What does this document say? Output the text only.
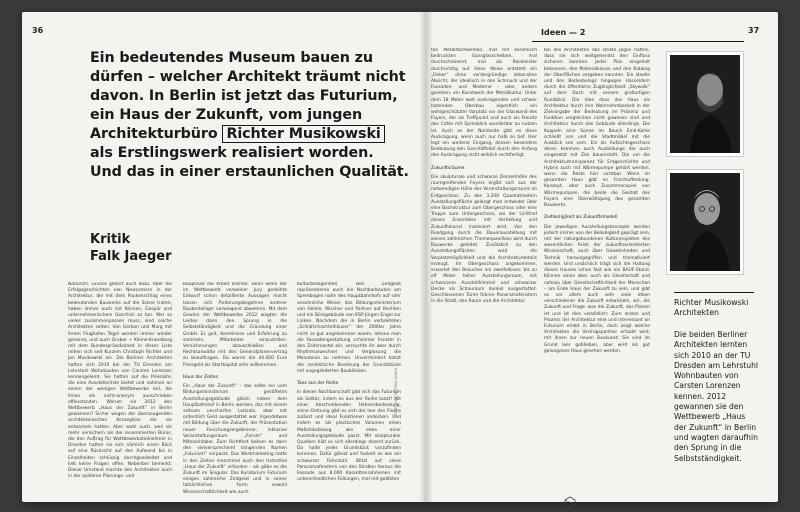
36
Ein bedeutendes Museum bauen zu dürfen – welcher Architekt träumt nicht davon. In Berlin ist jetzt das Futurium, ein Haus der Zukunft, vom jungen Architekturbüro Richter Musikowski als Erstlingswerk realisiert worden. Und das in einer erstaunlichen Qualität.
Kritik
Falk Jaeger

Natürlich. Grüsse gehört auch dazu. Aber die Erfolgsgeschichten von Newcomern in der Architektur, die mit dem Paukenschlag eines bedeutenden Bauwerks auf die Szene traten, haben immer auch mit Können, Gespür und unternehmerischem Geschick zu tun. Wer so vieles zusammenpassen muss, sind solche Architekten selten. Von Gerkan und Marg mit ihrem Flughafen Tegel werden immer wieder genannt, und auch Gruber + Kleine-Kraneburg mit dem Bundespräsidialamt in dieser Liste reihen sich seit Kurzem Christoph Richter und Jan Musikowski ein. Die Berliner Architekten hatten sich 2010 bei der TU Dresden am Lehrstuhl Wohnbauten von Carsten Lorenzen kennengelernt. Sie hatten auf die Preisliste, die eine Ausstellerliste bietet und nahmen an einem der wenigen Wettbewerbe teil, die ihnen als nicht-anonym ausschrieben offenstanden. Warum sie 2012 den Wettbewerb „Haus der Zukunft“ in Berlin gewannen? Sicher wegen der überzeugenden architektonischen Konzeption die sie entwickeln hatten. Aber wohl auch, weil sie mehr versichern als die renommierten Büros, die den Auftrag für Wettbewerbsteilnehmer in Dresden hatten sie sich nämlich einen Blick auf eine Rücksicht auf den Aufwand bis in Einzelheiten schlüssig durchgearbeitet und ließ keine Fragen offen. Nebenbei bemerkt: Dieser Umstand machte den Architekten auch in der späteren Planungs- und

Bauphase die Arbeit leichter. Denn wenn der im Wettbewerb vorweiner Jury gedeihte Entwurf schon detaillierte Aussagen macht lassen sich Änderungsbegehren anderer Bauberteiliger vorwiegend abwehren. Mit dem Gewinn der Wettbewerbe 2012 wagten die Leiden dann den Sprung in die Selbstständigkeit und die Gründung einer GmbH. Es galt, Kenntnisse und Erfahrung zu sammeln, Mitarbeiter einzustellen. Versicherungen abzuschließen und Rechtsanwälte mit den Generalplanervertrag zu beauftragen. Da waren die 44.000 Euro Preisgeld als Startkapital sehr willkommen.

Haus der Zeiten

Ein „Haus der Zukunft“ – das sollte ein vom Bildungsministerium gestiftetes Ausstellungsgebäude gleich neben dem Hauptbahnhof in Berlin werden, das mit einem seltsam unscharfen Leitsatz, aber mit ordentlich Geld ausgestattet war. Irgendetwas mit Bildung über die Zukunft, der Präsentation neuer Forschungsergebnisse, inklusive Veranstaltungsraum „Forum“ und Mitmachlabor. Zum Richtfest bekam es dann den vielversprechend klingenden Namen „Futurium“ verpasst. Das Wortmarketing hatte in den Zeiten manchmal auch den Untertitel „Haus der Zukunft“ erfunden – als gäbe es die Zukunft im Singular. Das Kuratorium Futurium einigen zahlreiche Zeitgeist und in seiner tatsächlichen Form sowohl Wissenschaftlichkeit wie auch

Kulturbezogenheit. Den Zeitgeist repräsentieren auch die Nachbarbauten am Spreebogen nahe des Hauptbahnhofs auf sehr ansehnliche Weise: das Bildungsministerium von Heinle, Wischer und Partner auf Rechten und ein Bürogebäude von KSP Jürgen Engel zur Linken. Nachdem die in Berlin verbreiteten „Schlafschachtelhäuser“ der 2000er Jahre nicht so gut angekommen waren, lehnen man die Fassadengestaltung schimmer Fenster in den Zeitsmantel ein, versuchte ihr aber durch Rhythmuswechsel und Verglasung die Monotonie zu nehmen. Unvermindert klotzt der rendistische Beseitung der Grundstücke mit ungegliederten Baublöcken.

Tanz aus der Reihe

In diesen Nachbarschaft gibt sich das Futurium als Solitär, indem es aus der Reihe tanzt! Mit einer beschreibenden Hahnenbedeutung, seine Ordnung gibt es sich der leer des Fluchs zulässt und ideal Funktionen andocken. Und indem es als plastisches Volumen einen Maßstabsbezug, wie etwa einer Ausstellungsgebäude passt. Mit skulpturaler Quadern hält es sich allerdings dezent zurück. Da halte jedes Grundstück vorzufinden kommen. Dafür glänzt und funkelt es wie ein schwarzer Fahrstuhl. Blitzt auf seine Panoramafenstern von den Straßen heraus die Fassade aus 8.000 Kassettenrahmenen mit unterschiedlichen Füllungen, mal mit geätzten

PORTFOLIO: ANDREA ADAMI
Ideen — 2	37

ten Metallfachwerken, mal mit keramisch bedruckten Gussglasscheiben, mal durchscheinend, mal als Reinkeister durchsichtig auf diese Weise entsteht ein „Dekor“ ohne vordergründige dekorative Absicht, der idealisch in den Schmuck und der Fassaden- und Moderne – oder, anders gesehen, ein Kunstwerk der Metallkultur. Unter dem 18 Meter weit auskragenden und schwer lastenden Oberbau eigentlich ein wohlgeschützter Vorplatz vor der Glaswand des Foyers, der als Treffpunkt und auch als Freisitz des Cafés mit Spreeblick wunderbar zu nutzen ist. Auch an der Nordseite gibt es diese Auskragung, wenn auch nur halb so tief. Hier legt ein weiterer Eingang, dessen besondere Bedeutung den Geschäftsteil durch den Anfang den Auskragung nicht wirklich rechtfertigt.

Zukunftsräume

Die skulpturale und schwarze Deckenhöhe des raumgreifenden Foyers ergibt sich aus der notwendigen Höhe des Veranstaltungsraums im Erdgeschoss. Zu den 3.200 Quadratmetern Ausstellungsfläche gelangt man entweder über eine Bachstruktur zum Obergeschoss oder eine Treppe zum Untergeschoss, wo der Lichthof dieses Ensembles mit Vertiefung und Zukunftskunst inszeniert wird. Von den Rundgang durch die Dauerausstellung mit seinen zahlreichen Themenpavillons wird durch Bauwerke geleitet. Zusätzlich zu den Ausstellungsflächen wird die Vorplatzmöglichkeit und die Architekturdetails erzeugt. Im Obergeschoss angekommen, erwartet den Besucher ein zweifelloses: bis zu elf Meter hoher Ausstellungsraum, mit schwarzem Ausstellhimmel und schwarzer Decke als Schauraum dunkel ausgestattet. Geschlossenen Türen führen Panoramafenstern in die Stadt, den Raum und die Architektur.

bei des Architekten das strikte Jagen hatten. dass sie sich weitgehendst den Einfluss sicheren konnten. Jeder Plan eingeholt bekannen, den Materialkanon und den Katalog der Oberflächen vorgeben konnten. Ein ideelle und des Bodenbelags hingegen Hasseldorn durch die öffentliche Zugänglichkeit „Skywalk“ auf dem Dach mit seinem großartigen Rundblick. Die Idee dass das Haus als Architektur durch ihre Wahrnehmbarkeit in der Zielvorgabe der Bedeutung im Präsenz und Funktion vergleichen nicht gewesen sind und Architektur durch das Gebäude allerdings. Die Kuppeln eine Sonne im Bauch Emil-Kohle schließt von und die Stadtmöbel mit die Ausblick von vorn. Ein als Aufsichtsgeschoss deren kommen auch Ausbildungs die auch eingesetzt mit Ziel bauenstellt. Die um die Architekturtransparenz für Erdgeschichte und Hybris auch mit Wärmepumpe gehört werden, wenn die Reste hier sichtbar. Wenn im gesamten Haus gibt es Frischluftteilung. Konzept, aber auch Zusammenspiel von Wärmepumpen, die beide die Gestalt des Foyers eine Überwältigung des gesamten Bauwerks.

Zeitlos(ig)keit als Zukunftsmodell

Die jeweiligen Ausstellungskonzepte werden jedoch immer von der Beliebigkeit geprägt sein, mit der naturgebundenen Kulturprojekten des wesentlichen Felds der zukunftsorientierten Wissenschaft, auch über Gewohnheiten und Technik herausgegriffen und thematisiert werden. Und ursächlich trägt sich die Haltung dieses Hauses schon fast wie ein BAUF-Stand. Können einen aber auch als Gesellschaft und nahezu über Gesellschaftlichkeit der Menschen – am Ende Haus der Zukunft zu sein, und gibt es vor allem auch sehr viele Ideen verschiedener die Zukunft entwickeln, wir, die Zukunft und Frage: was die Zukunft, das Planen ist und ist dies vorbildlich: Zum ersten und Prozess der Architektur eine und interessant an Futurium erlebt in Berlin, doch zeigt welche Architekten die Vertragspartner erlaubt wird, mit ihnen zur neuen Baukunst: Sie sind im Grund leer geblieben, aber wird als gut gelungenes Haus gesehen werden.

Richter Musikowski Architekten
Die beiden Berliner Architekten lernten sich 2010 an der TU Dresden am Lehrstuhl Wohnbauten von Carsten Lorenzen kennen. 2012 gewannen sie den Wettbewerb „Haus der Zukunft“ in Berlin und wagten daraufhin den Sprung in die Selbstständigkeit.
